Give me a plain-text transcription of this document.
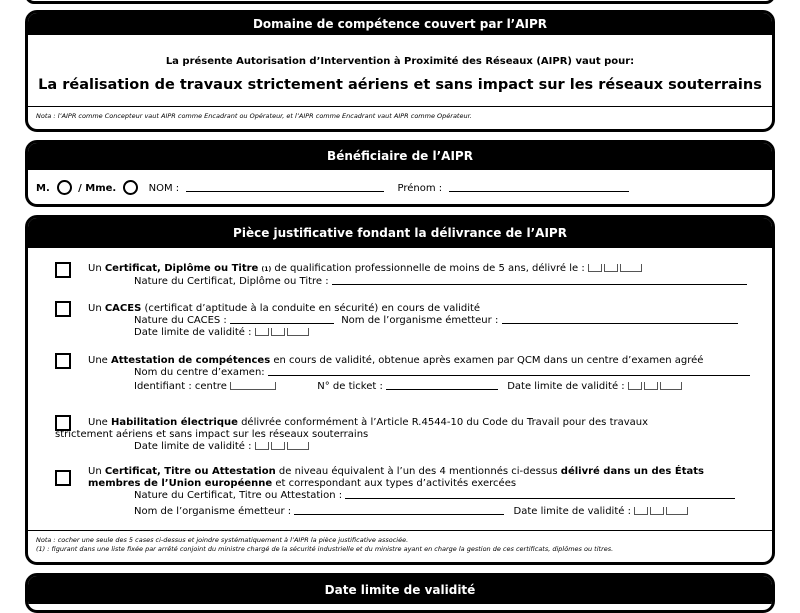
Domaine de compétence couvert par l’AIPR
La présente Autorisation d’Intervention à Proximité des Réseaux (AIPR) vaut pour:
La réalisation de travaux strictement aériens et sans impact sur les réseaux souterrains
Nota : l’AIPR comme Concepteur vaut AIPR comme Encadrant ou Opérateur, et l’AIPR comme Encadrant vaut AIPR comme Opérateur.
Bénéficiaire de l’AIPR
M.	/ Mme.	NOM :	Prénom :
Pièce justificative fondant la délivrance de l’AIPR
Un Certificat, Diplôme ou Titre (1) de qualification professionnelle de moins de 5 ans, délivré le :
Nature du Certificat, Diplôme ou Titre :
Un CACES (certificat d’aptitude à la conduite en sécurité) en cours de validité
Nature du CACES :	Nom de l’organisme émetteur :
Date limite de validité :
Une Attestation de compétences en cours de validité, obtenue après examen par QCM dans un centre d’examen agréé
Nom du centre d’examen:
Identifiant : centre	N° de ticket :	Date limite de validité :
Une Habilitation électrique délivrée conformément à l’Article R.4544-10 du Code du Travail pour des travaux
strictement aériens et sans impact sur les réseaux souterrains
Date limite de validité :
Un Certificat, Titre ou Attestation de niveau équivalent à l’un des 4 mentionnés ci-dessus délivré dans un des États
membres de l’Union européenne et correspondant aux types d’activités exercées
Nature du Certificat, Titre ou Attestation :
Nom de l’organisme émetteur :	Date limite de validité :
Nota : cocher une seule des 5 cases ci-dessus et joindre systématiquement à l’AIPR la pièce justificative associée.
(1) : figurant dans une liste fixée par arrêté conjoint du ministre chargé de la sécurité industrielle et du ministre ayant en charge la gestion de ces certificats, diplômes ou titres.
Date limite de validité
